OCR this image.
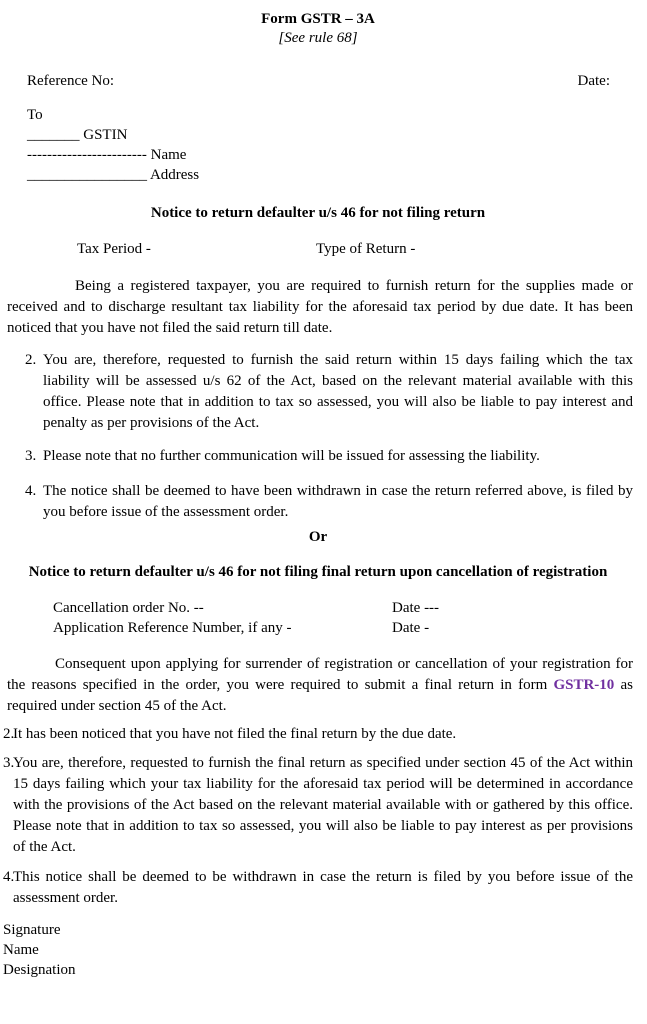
Form GSTR – 3A
[See rule 68]
Reference No:	Date:
To
_______ GSTIN
------------------------ Name
________________ Address
Notice to return defaulter u/s 46 for not filing return
Tax Period -	Type of Return -

Being a registered taxpayer, you are required to furnish return for the supplies made or received and to discharge resultant tax liability for the aforesaid tax period by due date. It has been noticed that you have not filed the said return till date.

2. You are, therefore, requested to furnish the said return within 15 days failing which the tax liability will be assessed u/s 62 of the Act, based on the relevant material available with this office. Please note that in addition to tax so assessed, you will also be liable to pay interest and penalty as per provisions of the Act.
3. Please note that no further communication will be issued for assessing the liability.
4. The notice shall be deemed to have been withdrawn in case the return referred above, is filed by you before issue of the assessment order.
Or
Notice to return defaulter u/s 46 for not filing final return upon cancellation of registration
Cancellation order No. --	Date ---
Application Reference Number, if any -	Date -

Consequent upon applying for surrender of registration or cancellation of your registration for the reasons specified in the order, you were required to submit a final return in form GSTR-10 as required under section 45 of the Act.

2.
It has been noticed that you have not filed the final return by the due date.
3.
You are, therefore, requested to furnish the final return as specified under section 45 of the Act within 15 days failing which your tax liability for the aforesaid tax period will be determined in accordance with the provisions of the Act based on the relevant material available with or gathered by this office. Please note that in addition to tax so assessed, you will also be liable to pay interest as per provisions of the Act.
4.
This notice shall be deemed to be withdrawn in case the return is filed by you before issue of the assessment order.
Signature
Name
Designation
